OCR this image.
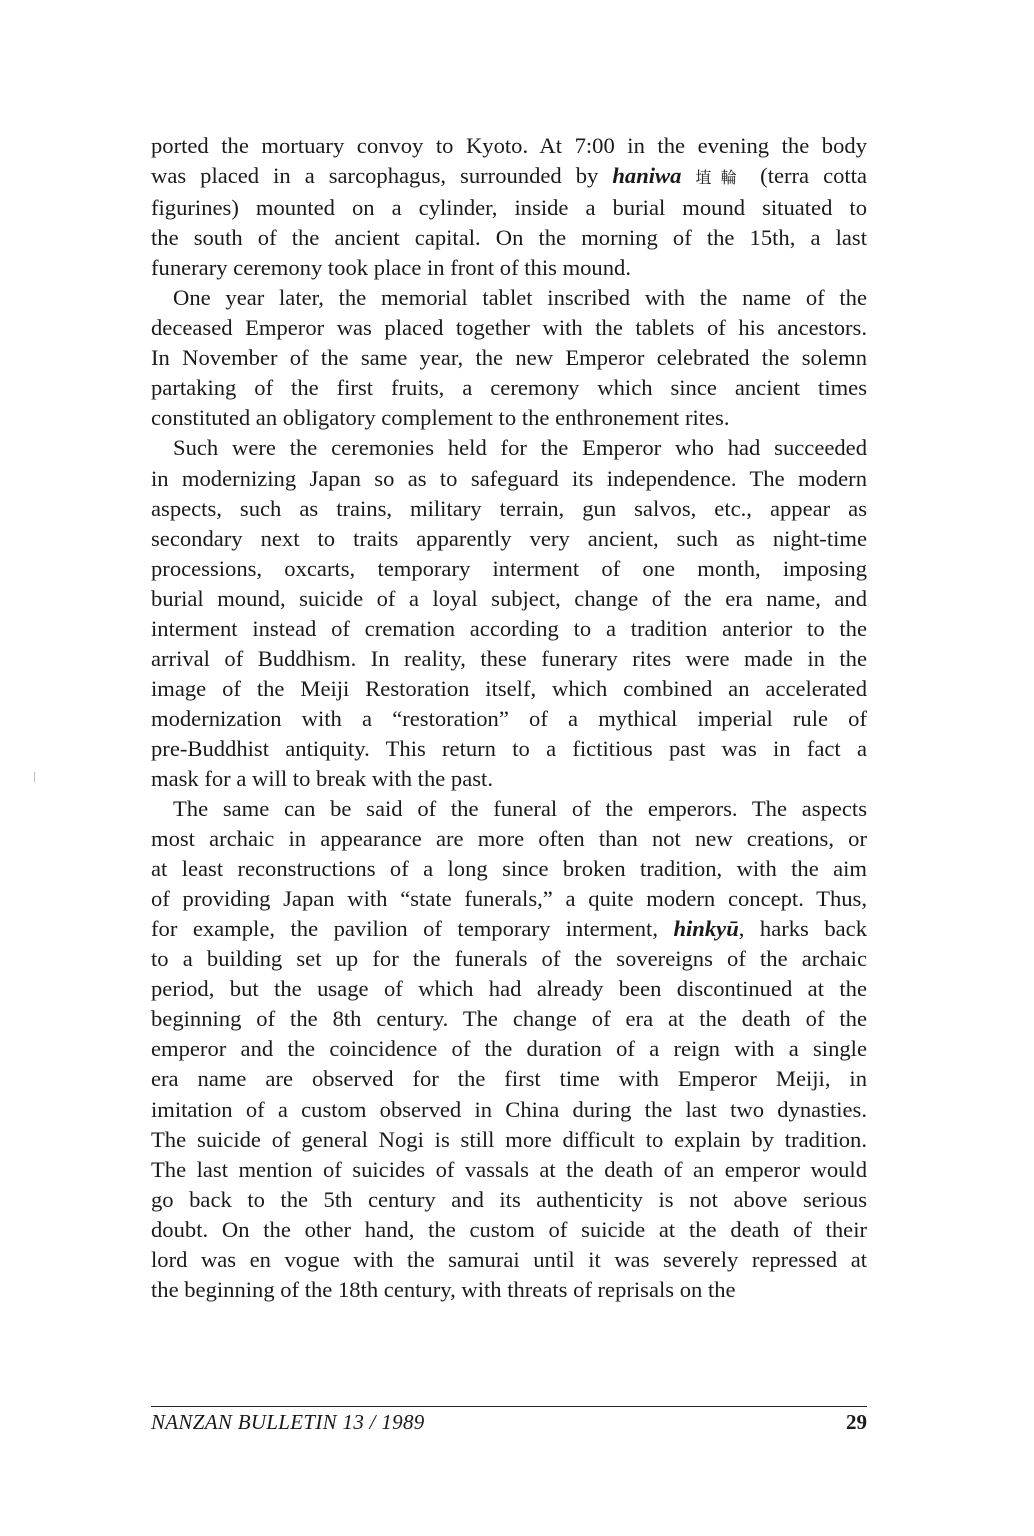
ported the mortuary convoy to Kyoto. At 7:00 in the evening the body
was placed in a sarcophagus, surrounded by haniwa 埴輪 (terra cotta
figurines) mounted on a cylinder, inside a burial mound situated to
the south of the ancient capital. On the morning of the 15th, a last
funerary ceremony took place in front of this mound.
One year later, the memorial tablet inscribed with the name of the
deceased Emperor was placed together with the tablets of his ancestors.
In November of the same year, the new Emperor celebrated the solemn
partaking of the first fruits, a ceremony which since ancient times
constituted an obligatory complement to the enthronement rites.
Such were the ceremonies held for the Emperor who had succeeded
in modernizing Japan so as to safeguard its independence. The modern
aspects, such as trains, military terrain, gun salvos, etc., appear as
secondary next to traits apparently very ancient, such as night-time
processions, oxcarts, temporary interment of one month, imposing
burial mound, suicide of a loyal subject, change of the era name, and
interment instead of cremation according to a tradition anterior to the
arrival of Buddhism. In reality, these funerary rites were made in the
image of the Meiji Restoration itself, which combined an accelerated
modernization with a “restoration” of a mythical imperial rule of
pre-Buddhist antiquity. This return to a fictitious past was in fact a
mask for a will to break with the past.
The same can be said of the funeral of the emperors. The aspects
most archaic in appearance are more often than not new creations, or
at least reconstructions of a long since broken tradition, with the aim
of providing Japan with “state funerals,” a quite modern concept. Thus,
for example, the pavilion of temporary interment, hinkyū, harks back
to a building set up for the funerals of the sovereigns of the archaic
period, but the usage of which had already been discontinued at the
beginning of the 8th century. The change of era at the death of the
emperor and the coincidence of the duration of a reign with a single
era name are observed for the first time with Emperor Meiji, in
imitation of a custom observed in China during the last two dynasties.
The suicide of general Nogi is still more difficult to explain by tradition.
The last mention of suicides of vassals at the death of an emperor would
go back to the 5th century and its authenticity is not above serious
doubt. On the other hand, the custom of suicide at the death of their
lord was en vogue with the samurai until it was severely repressed at
the beginning of the 18th century, with threats of reprisals on the
NANZAN BULLETIN 13 / 1989	29
